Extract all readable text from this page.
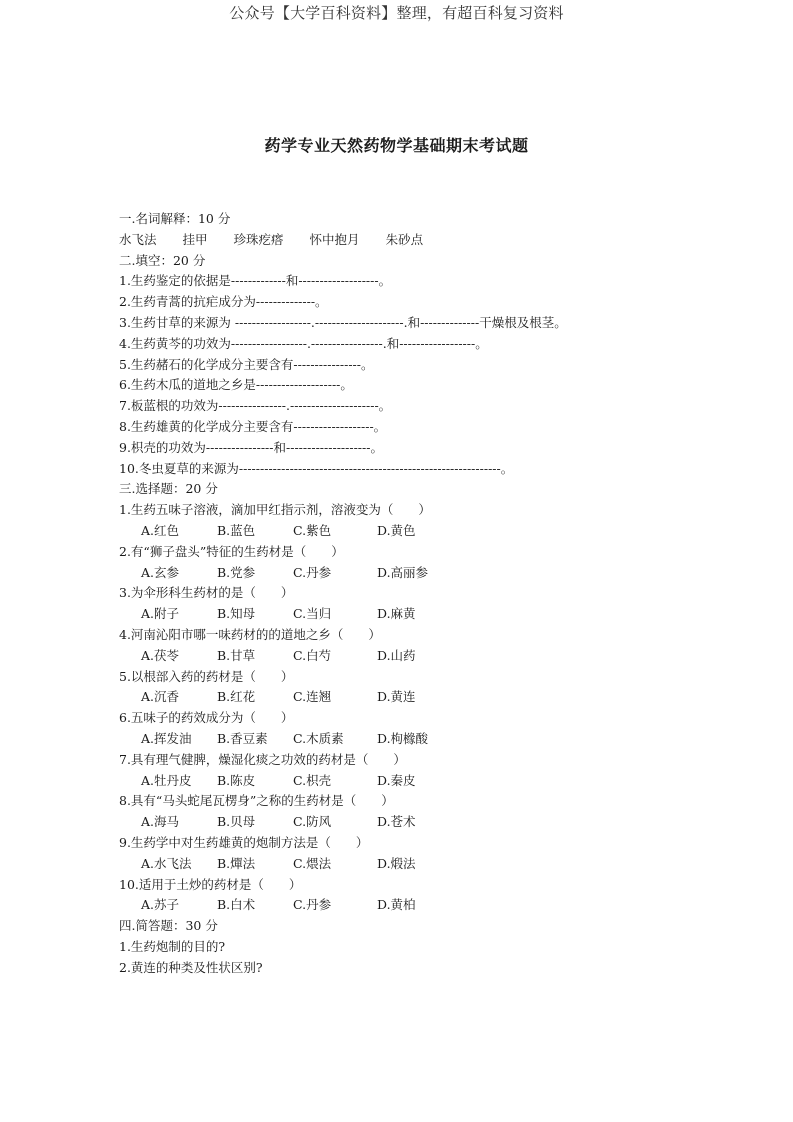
公众号【大学百科资料】整理，有超百科复习资料
药学专业天然药物学基础期末考试题
一.名词解释：10 分
水飞法 挂甲 珍珠疙瘩 怀中抱月 朱砂点
二.填空：20 分
1.生药鉴定的依据是-------------和-------------------。
2.生药青蒿的抗疟成分为--------------。
3.生药甘草的来源为 ------------------.---------------------.和--------------干燥根及根茎。
4.生药黄芩的功效为------------------.-----------------.和------------------。
5.生药赭石的化学成分主要含有----------------。
6.生药木瓜的道地之乡是--------------------。
7.板蓝根的功效为----------------.---------------------。
8.生药雄黄的化学成分主要含有-------------------。
9.枳壳的功效为----------------和--------------------。
10.冬虫夏草的来源为--------------------------------------------------------------。
三.选择题：20 分
1.生药五味子溶液，滴加甲红指示剂，溶液变为（　　）
A.红色	B.蓝色	C.紫色	D.黄色
2.有“狮子盘头”特征的生药材是（　　）
A.玄参	B.党参	C.丹参	D.高丽参
3.为伞形科生药材的是（　　）
A.附子	B.知母	C.当归	D.麻黄
4.河南沁阳市哪一味药材的的道地之乡（　　）
A.茯苓	B.甘草	C.白芍	D.山药
5.以根部入药的药材是（　　）
A.沉香	B.红花	C.连翘	D.黄连
6.五味子的药效成分为（　　）
A.挥发油 B.香豆素 C.木质素	D.枸橼酸
7.具有理气健脾，燥湿化痰之功效的药材是（　　）
A.牡丹皮 B.陈皮	C.枳壳	D.秦皮
8.具有“马头蛇尾瓦楞身”之称的生药材是（　　）
A.海马	B.贝母	C.防风	D.苍术
9.生药学中对生药雄黄的炮制方法是（　　）
A.水飞法 B.燀法	C.煨法	D.煅法
10.适用于土炒的药材是（　　）
A.苏子	B.白术	C.丹参	D.黄柏
四.简答题：30 分
1.生药炮制的目的?
2.黄连的种类及性状区别?
